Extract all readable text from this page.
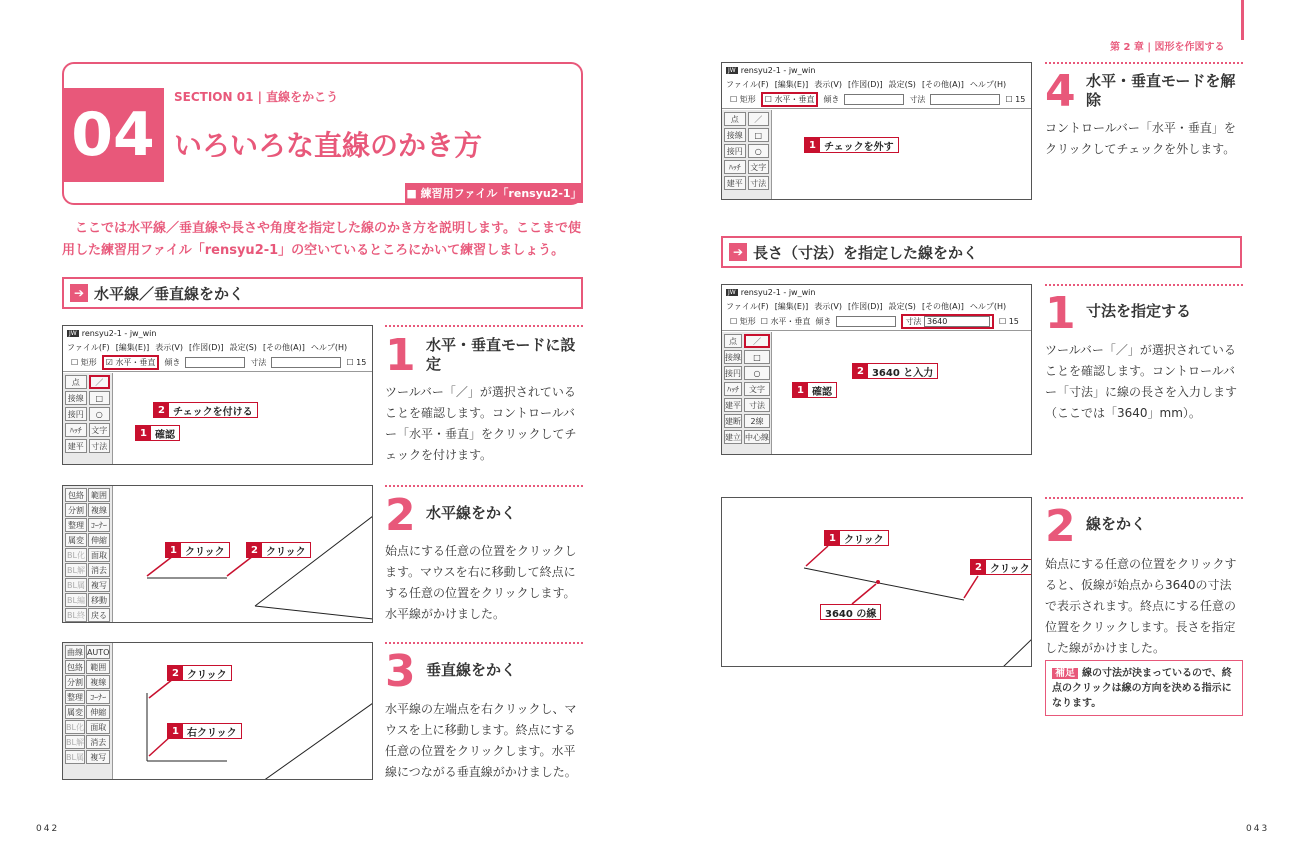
04
SECTION 01 | 直線をかこう
いろいろな直線のかき方
■ 練習用ファイル「rensyu2-1」
　ここでは水平線／垂直線や長さや角度を指定した線のかき方を説明します。ここまで使用した練習用ファイル「rensyu2-1」の空いているところにかいて練習しましょう。
➔ 水平線／垂直線をかく
JW rensyu2-1 - jw_win
ファイル(F) [編集(E)] 表示(V) [作図(D)] 設定(S) [その他(A)] ヘルプ(H)
☐ 矩形	☑ 水平・垂直	傾き	寸法	☐ 15
点	／
接線	□
接円	○
ﾊｯﾁ	文字
建平 寸法
2 チェックを付ける
1 確認
1 水平・垂直モードに設定
ツールバー「／」が選択されていることを確認します。コントロールバー「水平・垂直」をクリックしてチェックを付けます。
包絡 範囲
分割 複線
整理 ｺｰﾅｰ
属変 伸縮
BL化 面取
BL解 消去
BL属 複写
BL編 移動
BL終 戻る
1 クリック	2 クリック
2 水平線をかく
始点にする任意の位置をクリックします。マウスを右に移動して終点にする任意の位置をクリックします。水平線がかけました。
曲線 AUTO
包絡 範囲
分割 複線
整理 ｺｰﾅｰ
属変 伸縮
BL化 面取
BL解 消去
BL属 複写
2 クリック
1 右クリック
3 垂直線をかく
水平線の左端点を右クリックし、マウスを上に移動します。終点にする任意の位置をクリックします。水平線につながる垂直線がかけました。
042
第 2 章 | 図形を作図する
JW rensyu2-1 - jw_win
ファイル(F) [編集(E)] 表示(V) [作図(D)] 設定(S) [その他(A)] ヘルプ(H)
☐ 矩形	☐ 水平・垂直	傾き	寸法	☐ 15
点	／
接線	□
接円	○
ﾊｯﾁ	文字
建平 寸法
1 チェックを外す
4 水平・垂直モードを解除
コントロールバー「水平・垂直」をクリックしてチェックを外します。
➔ 長さ（寸法）を指定した線をかく
JW rensyu2-1 - jw_win
ファイル(F) [編集(E)] 表示(V) [作図(D)] 設定(S) [その他(A)] ヘルプ(H)
☐ 矩形 ☐ 水平・垂直 傾き	寸法 3640	☐ 15
点	／
接線	□
接円	○
ﾊｯﾁ	文字
建平	寸法
建断	2線
建立 中心線
2 3640 と入力
1 確認
1 寸法を指定する
ツールバー「／」が選択されていることを確認します。コントロールバー「寸法」に線の長さを入力します（ここでは「3640」mm）。
1 クリック
2 クリック
3640 の線
2 線をかく
始点にする任意の位置をクリックすると、仮線が始点から3640の寸法で表示されます。終点にする任意の位置をクリックします。長さを指定した線がかけました。
補足 線の寸法が決まっているので、終点のクリックは線の方向を決める指示になります。
043
